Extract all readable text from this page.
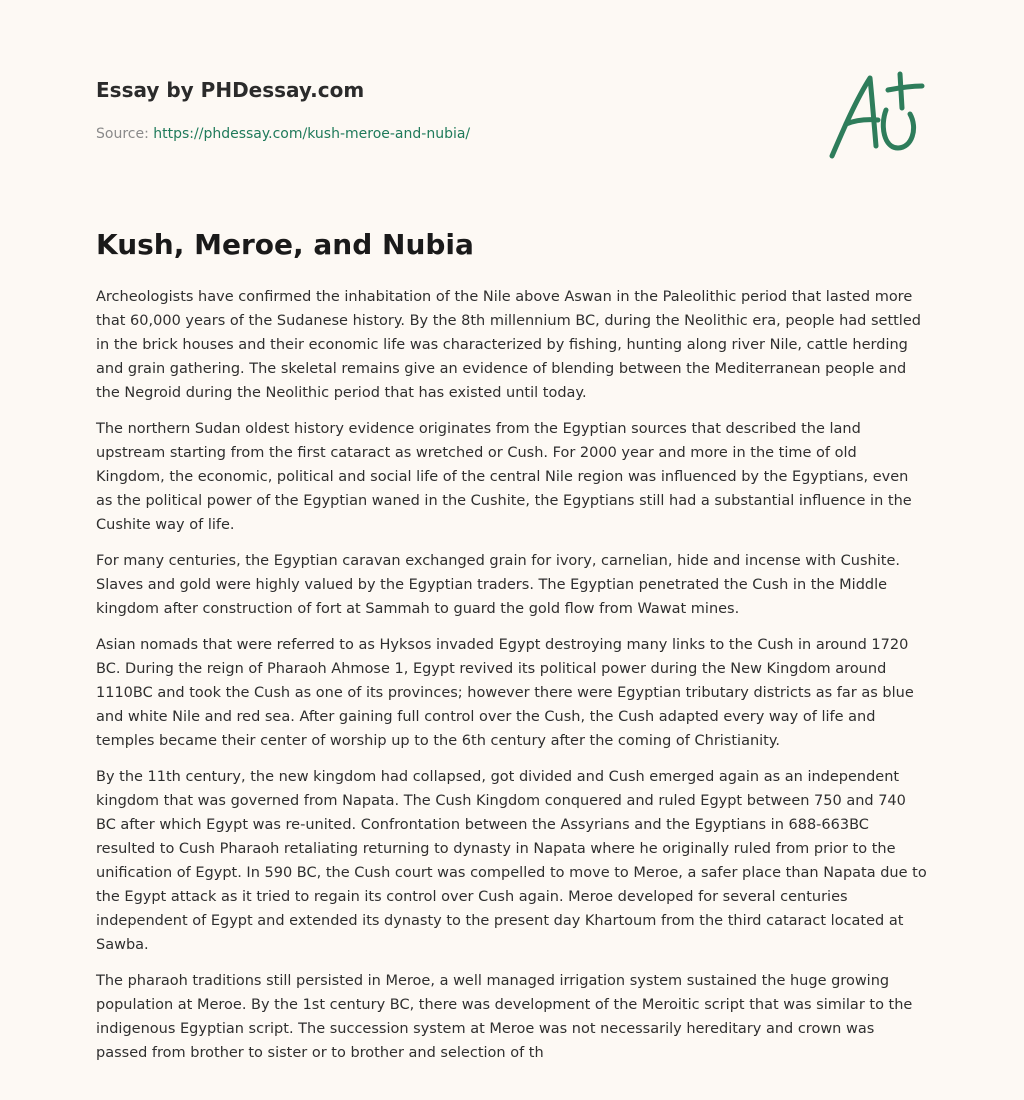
Essay by PHDessay.com
Source: https://phdessay.com/kush-meroe-and-nubia/
Kush, Meroe, and Nubia

Archeologists have confirmed the inhabitation of the Nile above Aswan in the Paleolithic period that lasted more that 60,000 years of the Sudanese history. By the 8th millennium BC, during the Neolithic era, people had settled in the brick houses and their economic life was characterized by fishing, hunting along river Nile, cattle herding and grain gathering. The skeletal remains give an evidence of blending between the Mediterranean people and the Negroid during the Neolithic period that has existed until today.

The northern Sudan oldest history evidence originates from the Egyptian sources that described the land upstream starting from the first cataract as wretched or Cush. For 2000 year and more in the time of old Kingdom, the economic, political and social life of the central Nile region was influenced by the Egyptians, even as the political power of the Egyptian waned in the Cushite, the Egyptians still had a substantial influence in the Cushite way of life.

For many centuries, the Egyptian caravan exchanged grain for ivory, carnelian, hide and incense with Cushite. Slaves and gold were highly valued by the Egyptian traders. The Egyptian penetrated the Cush in the Middle kingdom after construction of fort at Sammah to guard the gold flow from Wawat mines.

Asian nomads that were referred to as Hyksos invaded Egypt destroying many links to the Cush in around 1720 BC. During the reign of Pharaoh Ahmose 1, Egypt revived its political power during the New Kingdom around 1110BC and took the Cush as one of its provinces; however there were Egyptian tributary districts as far as blue and white Nile and red sea. After gaining full control over the Cush, the Cush adapted every way of life and temples became their center of worship up to the 6th century after the coming of Christianity.

By the 11th century, the new kingdom had collapsed, got divided and Cush emerged again as an independent kingdom that was governed from Napata. The Cush Kingdom conquered and ruled Egypt between 750 and 740 BC after which Egypt was re-united. Confrontation between the Assyrians and the Egyptians in 688-663BC resulted to Cush Pharaoh retaliating returning to dynasty in Napata where he originally ruled from prior to the unification of Egypt. In 590 BC, the Cush court was compelled to move to Meroe, a safer place than Napata due to the Egypt attack as it tried to regain its control over Cush again. Meroe developed for several centuries independent of Egypt and extended its dynasty to the present day Khartoum from the third cataract located at Sawba.

The pharaoh traditions still persisted in Meroe, a well managed irrigation system sustained the huge growing population at Meroe. By the 1st century BC, there was development of the Meroitic script that was similar to the indigenous Egyptian script. The succession system at Meroe was not necessarily hereditary and crown was passed from brother to sister or to brother and selection of th
